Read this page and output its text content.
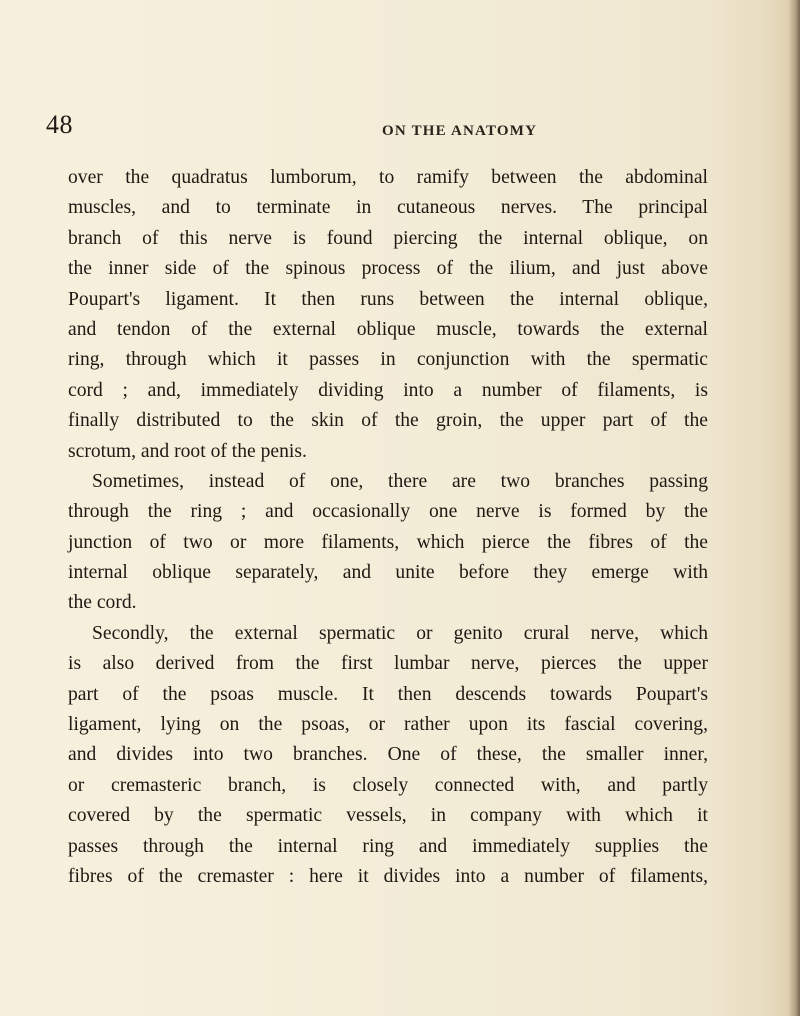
48	ON THE ANATOMY
over the quadratus lumborum, to ramify between the abdominal
muscles, and to terminate in cutaneous nerves. The principal
branch of this nerve is found piercing the internal oblique, on
the inner side of the spinous process of the ilium, and just above
Poupart's ligament. It then runs between the internal oblique,
and tendon of the external oblique muscle, towards the external
ring, through which it passes in conjunction with the spermatic
cord ; and, immediately dividing into a number of filaments, is
finally distributed to the skin of the groin, the upper part of the
scrotum, and root of the penis.
Sometimes, instead of one, there are two branches passing
through the ring ; and occasionally one nerve is formed by the
junction of two or more filaments, which pierce the fibres of the
internal oblique separately, and unite before they emerge with
the cord.
Secondly, the external spermatic or genito crural nerve, which
is also derived from the first lumbar nerve, pierces the upper
part of the psoas muscle. It then descends towards Poupart's
ligament, lying on the psoas, or rather upon its fascial covering,
and divides into two branches. One of these, the smaller inner,
or cremasteric branch, is closely connected with, and partly
covered by the spermatic vessels, in company with which it
passes through the internal ring and immediately supplies the
fibres of the cremaster : here it divides into a number of filaments,
